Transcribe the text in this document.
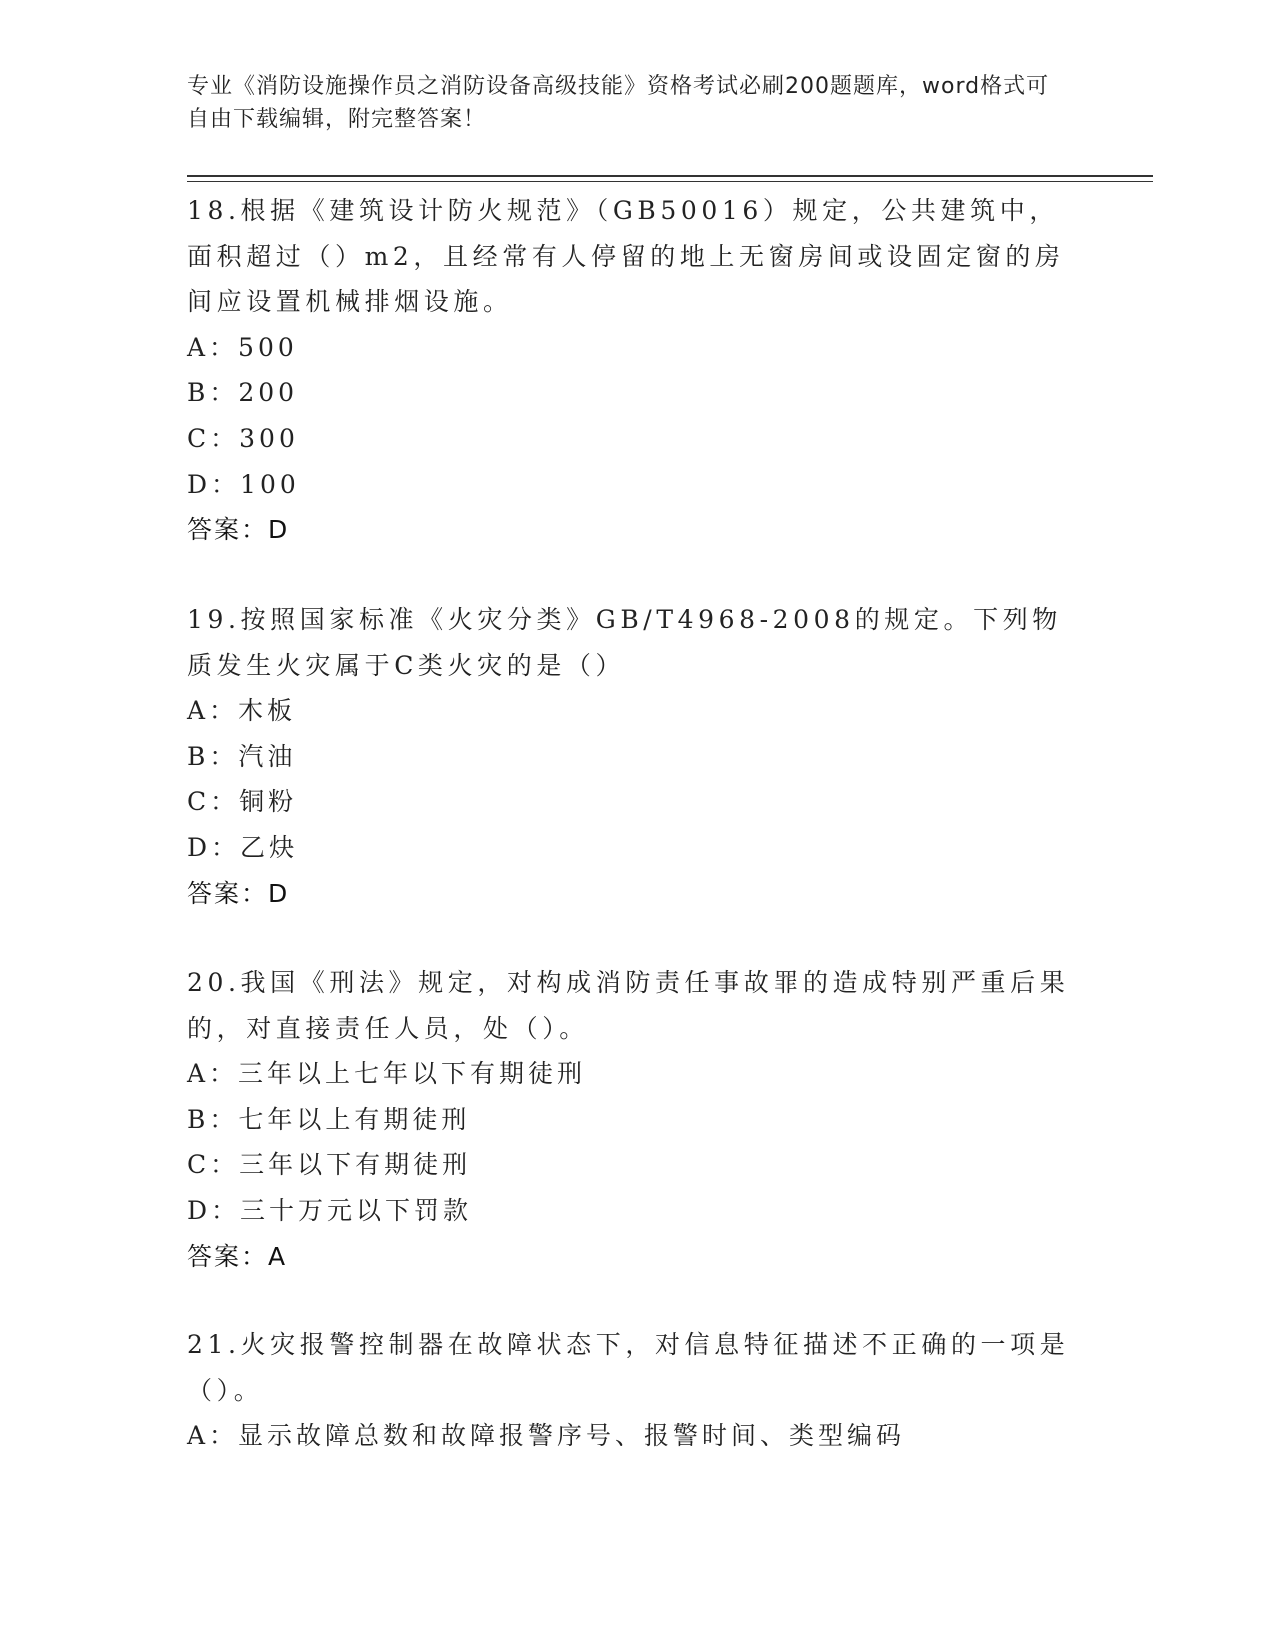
专业《消防设施操作员之消防设备高级技能》资格考试必刷200题题库，word格式可自由下载编辑，附完整答案！
18.根据《建筑设计防火规范》（GB50016）规定，公共建筑中，面积超过（）m2，且经常有人停留的地上无窗房间或设固定窗的房间应设置机械排烟设施。
A：500
B：200
C：300
D：100
答案：D
19.按照国家标准《火灾分类》GB/T4968-2008的规定。下列物质发生火灾属于C类火灾的是（）
A：木板
B：汽油
C：铜粉
D：乙炔
答案：D
20.我国《刑法》规定，对构成消防责任事故罪的造成特别严重后果的，对直接责任人员，处（）。
A：三年以上七年以下有期徒刑
B：七年以上有期徒刑
C：三年以下有期徒刑
D：三十万元以下罚款
答案：A
21.火灾报警控制器在故障状态下，对信息特征描述不正确的一项是（）。
A：显示故障总数和故障报警序号、报警时间、类型编码
